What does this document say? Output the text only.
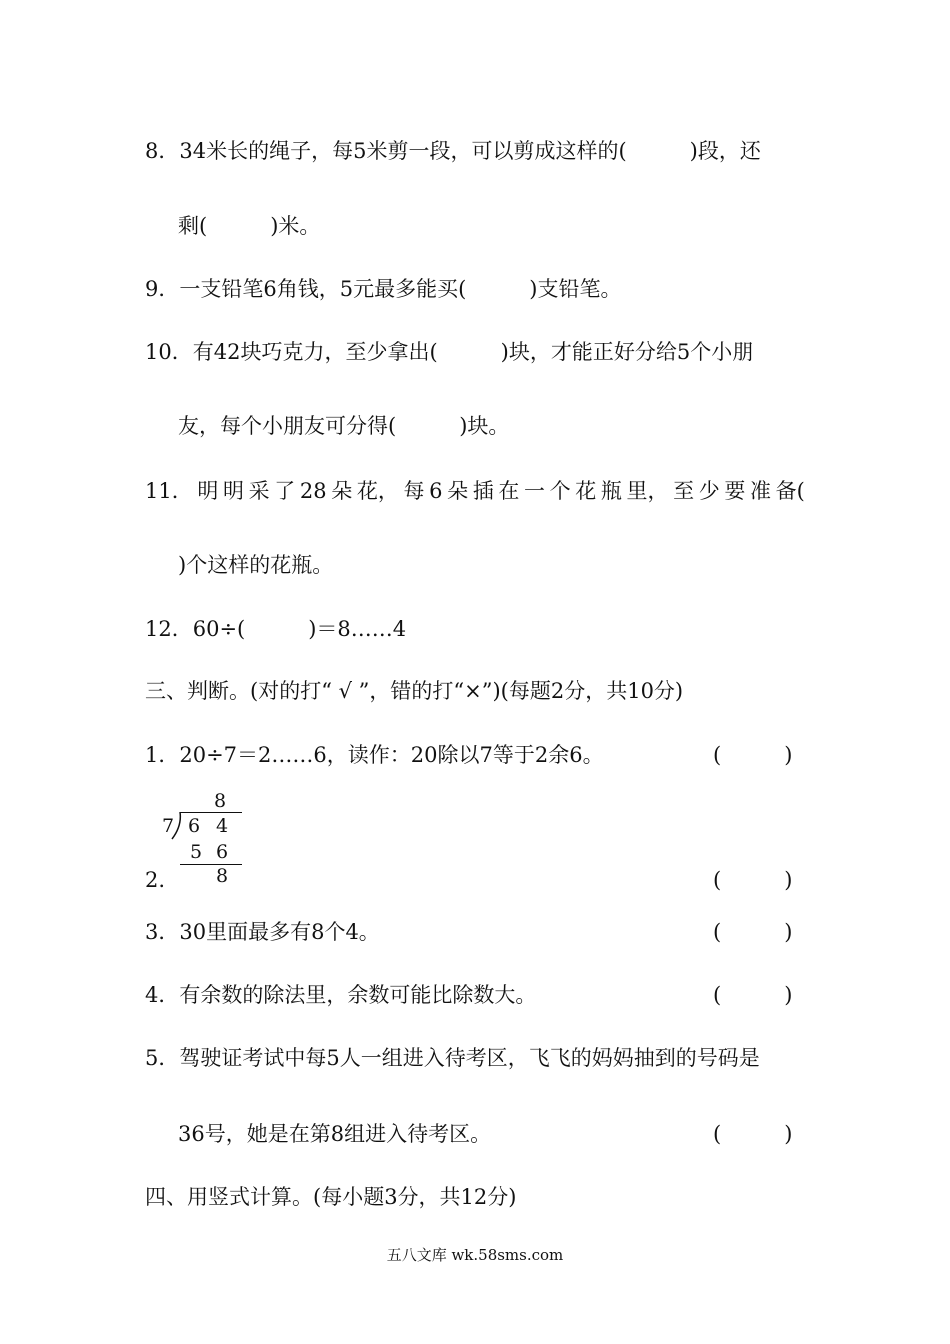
8．34米长的绳子，每5米剪一段，可以剪成这样的(　　　)段，还
剩(　　　)米。
9．一支铅笔6角钱，5元最多能买(　　　)支铅笔。
10．有42块巧克力，至少拿出(　　　)块，才能正好分给5个小朋
友，每个小朋友可分得(　　　)块。
11． 明 明 采 了 28 朵 花， 每 6 朵 插 在 一 个 花 瓶 里， 至 少 要 准 备(
)个这样的花瓶。
12．60÷(　　　)＝8……4
三、判断。(对的打“ √ ”，错的打“×”)(每题2分，共10分)
1．20÷7＝2……6，读作：20除以7等于2余6。	(　　　)
8
7 6 4
5 6
8
2.	(　　　)
3．30里面最多有8个4。	(　　　)
4．有余数的除法里，余数可能比除数大。	(　　　)
5．驾驶证考试中每5人一组进入待考区，飞飞的妈妈抽到的号码是
36号，她是在第8组进入待考区。	(　　　)
四、用竖式计算。(每小题3分，共12分)
五八文库 wk.58sms.com
